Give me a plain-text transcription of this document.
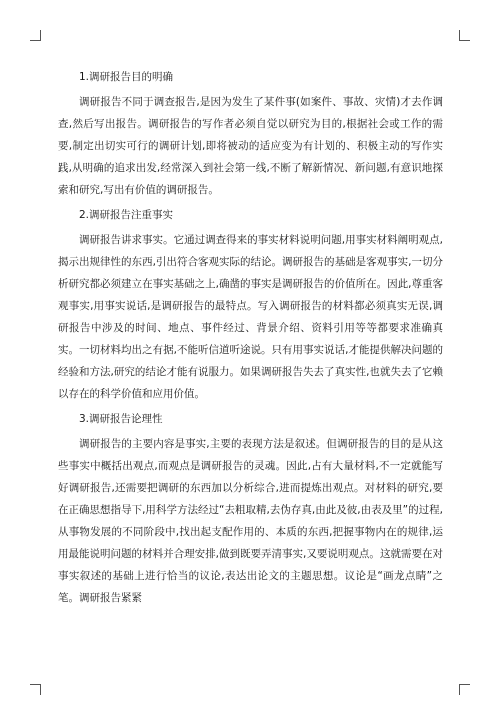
1.调研报告目的明确

调研报告不同于调查报告,是因为发生了某件事(如案件、事故、灾情)才去作调查,然后写出报告。调研报告的写作者必须自觉以研究为目的,根据社会或工作的需要,制定出切实可行的调研计划,即将被动的适应变为有计划的、积极主动的写作实践,从明确的追求出发,经常深入到社会第一线,不断了解新情况、新问题,有意识地探索和研究,写出有价值的调研报告。

2.调研报告注重事实

调研报告讲求事实。它通过调查得来的事实材料说明问题,用事实材料阐明观点,揭示出规律性的东西,引出符合客观实际的结论。调研报告的基础是客观事实,一切分析研究都必须建立在事实基础之上,确凿的事实是调研报告的价值所在。因此,尊重客观事实,用事实说话,是调研报告的最特点。写入调研报告的材料都必须真实无误,调研报告中涉及的时间、地点、事件经过、背景介绍、资料引用等等都要求准确真实。一切材料均出之有据,不能听信道听途说。只有用事实说话,才能提供解决问题的经验和方法,研究的结论才能有说服力。如果调研报告失去了真实性,也就失去了它赖以存在的科学价值和应用价值。

3.调研报告论理性

调研报告的主要内容是事实,主要的表现方法是叙述。但调研报告的目的是从这些事实中概括出观点,而观点是调研报告的灵魂。因此,占有大量材料,不一定就能写好调研报告,还需要把调研的东西加以分析综合,进而提炼出观点。对材料的研究,要在正确思想指导下,用科学方法经过“去粗取精,去伪存真,由此及彼,由表及里”的过程,从事物发展的不同阶段中,找出起支配作用的、本质的东西,把握事物内在的规律,运用最能说明问题的材料并合理安排,做到既要弄清事实,又要说明观点。这就需要在对事实叙述的基础上进行恰当的议论,表达出论文的主题思想。议论是“画龙点睛”之笔。调研报告紧紧
